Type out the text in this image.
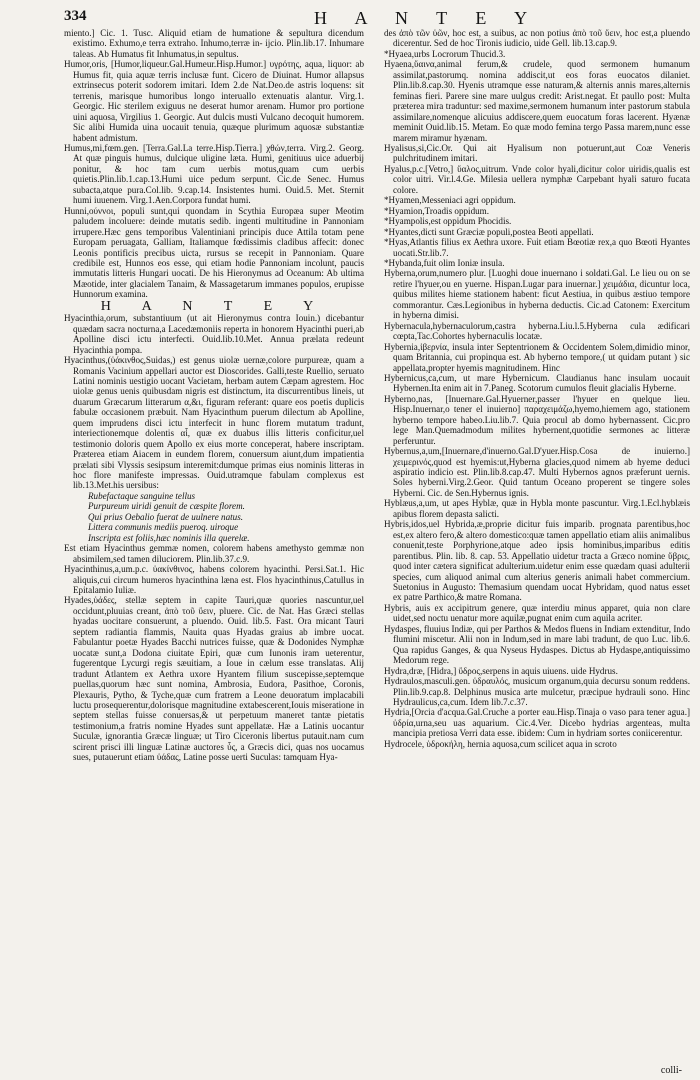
334	H A N T E Y
miento.] Cic. 1. Tusc. Aliquid etiam de humatione & sepultura dicendum existimo. Exhumo,e terra extraho. Inhumo,terræ in- ijcio. Plin.lib.17. Inhumare taleas. Ab Humatus fit Inhumatus,in sepultus.
Humor,oris, [Humor,liqueur.Gal.Humeur.Hisp.Humor.] υγρότης, aqua, liquor: ab Humus fit, quia aquæ terris inclusæ funt. Cicero de Diuinat. Humor allapsus extrinsecus poterit sodorem imitari. Idem 2.de Nat.Deo.de astris loquens: sit terrenis, marisque humoribus longo interuallo extenuatis alantur. Virg.1. Georgic. Hic sterilem exiguus ne deserat humor arenam. Humor pro portione uini aquosa, Virgilius 1. Georgic. Aut dulcis musti Vulcano decoquit humorem. Sic alibi Humida uina uocauit tenuia, quæque plurimum aquosæ substantiæ habent admistum.
Humus,mi,fœm.gen. [Terra.Gal.La terre.Hisp.Tierra.] χθών,terra. Virg.2. Georg. At quæ pinguis humus, dulcique uligine læta. Humi, genitiuus uice aduerbij ponitur, & hoc tam cum uerbis motus,quam cum uerbis quietis.Plin.lib.1.cap.13.Humi uice pedum serpunt. Cic.de Senec. Humus subacta,atque pura.Col.lib. 9.cap.14. Insistentes humi. Ouid.5. Met. Sternit humi iuuenem. Virg.1.Aen.Corpora fundat humi.
Hunni,ούννοι, populi sunt,qui quondam in Scythia Europæa super Meotim paludem incoluere: deinde mutatis sedib. ingenti multitudine in Pannoniam irrupere.Hæc gens temporibus Valentiniani principis duce Attila totam pene Europam peruagata, Galliam, Italiamque fœdissimis cladibus affecit: donec Leonis pontificis precibus uicta, rursus se recepit in Pannoniam. Quare credibile est, Hunnos eos esse, qui etiam hodie Pannoniam incolunt, paucis immutatis litteris Hungari uocati. De his Hieronymus ad Oceanum: Ab ultima Mæotide, inter glacialem Tanaim, & Massagetarum immanes populos, erupisse Hunnorum examina.
H A N T E Y
Hyacinthia,orum, substantiuum (ut ait Hieronymus contra Iouin.) dicebantur quædam sacra nocturna,a Lacedæmoniis reperta in honorem Hyacinthi pueri,ab Apolline disci ictu interfecti. Ouid.lib.10.Met. Annua prælata redeunt Hyacinthia pompa.
Hyacinthus,(ὑάκινθος,Suidas,) est genus uiolæ uernæ,colore purpureæ, quam a Romanis Vacinium appellari auctor est Dioscorides. Galli,teste Ruellio, seruato Latini nominis uestigio uocant Vacietam, herbam autem Cæpam agrestem. Hoc uiolæ genus uenis quibusdam nigris est distinctum, ita discurrentibus lineis, ut duarum Græcarum litterarum α,&ι, figuram referant: quare eos poetis duplicis fabulæ occasionem præbuit. Nam Hyacinthum puerum dilectum ab Apolline, quem imprudens disci ictu interfecit in hunc florem mutatum tradunt, interiectionemque dolentis αἶ, quæ ex duabus illis litteris conficitur,uel testimonio doloris quem Apollo ex eius morte conceperat, habere inscriptam. Præterea etiam Aiacem in eundem florem, conuersum aiunt,dum impatientia prælati sibi Vlyssis sesipsum interemit:dumque primas eius nominis litteras in hoc flore manifeste impressas. Ouid.utramque fabulam complexus est lib.13.Met.his uersibus:
Rubefactaque sanguine tellus
Purpureum uiridi genuit de cæspite florem.
Qui prius Oebalio fuerat de uulnere natus.
Littera communis mediis pueroq. uiroque
Inscripta est foliis,hæc nominis illa querelæ.
Est etiam Hyacinthus gemmæ nomen, colorem habens amethysto gemmæ non absimilem,sed tamen diluciorem. Plin.lib.37.c.9.
Hyacinthinus,a,um.p.c. ὑακίνθινος, habens colorem hyacinthi. Persi.Sat.1. Hic aliquis,cui circum humeros hyacinthina læna est. Flos hyacinthinus,Catullus in Epitalamio Iuliæ.
Hyades,ὑάδες, stellæ septem in capite Tauri,quæ quories nascuntur,uel occidunt,pluuias creant, ἀπὸ τοῦ ὕειν, pluere. Cic. de Nat. Has Græci stellas hyadas uocitare consuerunt, a pluendo. Ouid. lib.5. Fast. Ora micant Tauri septem radiantia flammis, Nauita quas Hyadas graius ab imbre uocat. Fabulantur poetæ Hyades Bacchi nutrices fuisse, quæ & Dodonides Nymphæ uocatæ sunt,a Dodona ciuitate Epiri, quæ cum Iunonis iram ueterentur, fugerentque Lycurgi regis sæuitiam, a Ioue in cælum esse translatas. Alij tradunt Atlantem ex Aethra uxore Hyantem filium suscepisse,septemque puellas,quorum hæc sunt nomina, Ambrosia, Eudora, Pasithoe, Coronis, Plexauris, Pytho, & Tyche,quæ cum fratrem a Leone deuoratum implacabili luctu prosequerentur,dolorisque magnitudine extabescerent,Iouis miseratione in septem stellas fuisse conuersas,& ut perpetuum maneret tantæ pietatis testimonium,a fratris nomine Hyades sunt appellatæ. Hæ a Latinis uocantur Suculæ, ignorantia Græcæ linguæ; ut Tiro Ciceronis libertus putauit.nam cum scirent prisci illi linguæ Latinæ auctores ὗς, a Græcis dici, quas nos uocamus sues, putauerunt etiam ὑάδας, Latine posse uerti Suculas: tamquam Hya-
des ἀπὸ τῶν ὑῶν, hoc est, a suibus, ac non potius ἀπὸ τοῦ ὕειν, hoc est,a pluendo dicerentur. Sed de hoc Tironis iudicio, uide Gell. lib.13.cap.9.
*Hyaea,urbs Locrorum Thucid.3.
Hyaena,ὕαινα,animal ferum,& crudele, quod sermonem humanum assimilat,pastorumq. nomina addiscit,ut eos foras euocatos dilaniet. Plin.lib.8.cap.30. Hyenis utramque esse naturam,& alternis annis mares,alternis feminas fieri. Parere sine mare uulgus credit: Arist.negat. Et paullo post: Multa præterea mira traduntur: sed maxime,sermonem humanum inter pastorum stabula assimilare,nomenque alicuius addiscere,quem euocatum foras lacerent. Hyænæ meminit Ouid.lib.15. Metam. Eo quæ modo femina tergo Passa marem,nunc esse marem miramur hyænam.
Hyalisus,si,Cic.Or. Qui ait Hyalisum non potuerunt,aut Coæ Veneris pulchritudinem imitari.
Hyalus,p.c.[Vetro,] ὕαλος,uitrum. Vnde color hyali,dicitur color uiridis,qualis est color uitri. Vir.l.4.Ge. Milesia uellera nymphæ Carpebant hyali saturo fucata colore.
*Hyamen,Messeniaci agri oppidum.
*Hyamion,Troadis oppidum.
*Hyampolis,est oppidum Phocidis.
*Hyantes,dicti sunt Græciæ populi,postea Beoti appellati.
*Hyas,Atlantis filius ex Aethra uxore. Fuit etiam Bœotiæ rex,a quo Bœoti Hyantes uocati.Str.lib.7.
*Hybanda,fuit olim Ioniæ insula.
Hyberna,orum,numero plur. [Luoghi doue inuernano i soldati.Gal. Le lieu ou on se retire l'hyuer,ou en yuerne. Hispan.Lugar para inuernar.] χειμάδια, dicuntur loca, quibus milites hieme stationem habent: ficut Aestiua, in quibus æstiuo tempore commorantur. Cæs.Legionibus in hyberna deductis. Cic.ad Catonem: Exercitum in hyberna dimisi.
Hybernacula,hybernaculorum,castra hyberna.Liu.l.5.Hyberna cula ædificari cœpta,Tac.Cohortes hybernaculis locatæ.
Hybernia,ἱβερνία, insula inter Septentrionem & Occidentem Solem,dimidio minor, quam Britannia, cui propinqua est. Ab hyberno tempore,( ut quidam putant ) sic appellata,propter hyemis magnitudinem. Hinc
Hybernicus,ca,cum, ut mare Hybernicum. Claudianus hanc insulam uocauit Hybernen.Ita enim ait in 7.Paneg. Scotorum cumulos fleuit glacialis Hyberne.
Hyberno,nas, [Inuernare.Gal.Hyuerner,passer l'hyuer en quelque lieu. Hisp.Inuernar,o tener el inuierno] παραχειμάζω,hyemo,hiemem ago, stationem hyberno tempore habeo.Liu.lib.7. Quia procul ab domo hybernassent. Cic.pro lege Man.Quemadmodum milites hybernent,quotidie sermones ac litteræ perferuntur.
Hybernus,a,um,[Inuernare,d'inuerno.Gal.D'yuer.Hisp.Cosa de inuierno.] χειμερινός,quod est hyemis:ut,Hyberna glacies,quod nimem ab hyeme deduci aspiratio indicio est. Plin.lib.8.cap.47. Multi Hybernos agnos præferunt uernis. Soles hyberni.Virg.2.Geor. Quid tantum Oceano properent se tingere soles Hyberni. Cic. de Sen.Hybernus ignis.
Hyblæus,a,um, ut apes Hyblæ, quæ in Hybla monte pascuntur. Virg.1.Ecl.hyblæis apibus florem depasta salicti.
Hybris,idos,uel Hybrida,æ,proprie dicitur fuis imparib. prognata parentibus,hoc est,ex altero fero,& altero domestico:quæ tamen appellatio etiam aliis animalibus conuenit,teste Porphyrione,atque adeo ipsis hominibus,imparibus editis parentibus. Plin. lib. 8. cap. 53. Appellatio uidetur tracta a Græco nomine ὕβρις, quod inter cætera significat adulterium.uidetur enim esse quædam quasi adulterii species, cum aliquod animal cum alterius generis animali habet commercium. Suetonius in Augusto: Themasium quendam uocat Hybridam, quod natus esset ex patre Parthico,& matre Romana.
Hybris, auis ex accipitrum genere, quæ interdiu minus apparet, quia non clare uidet,sed noctu uenatur more aquilæ,pugnat enim cum aquila acriter.
Hydaspes, fluuius Indiæ, qui per Parthos & Medos fluens in Indiam extenditur, Indo flumini miscetur. Alii non in Indum,sed in mare labi tradunt, de quo Luc. lib.6. Qua rapidus Ganges, & qua Nyseus Hydaspes. Dictus ab Hydaspe,antiquissimo Medorum rege.
Hydra,dræ, [Hidra,] ὕδρος,serpens in aquis uiuens. uide Hydrus.
Hydraulos,masculi.gen. ὑδραυλός, musicum organum,quia decursu sonum reddens. Plin.lib.9.cap.8. Delphinus musica arte mulcetur, præcipue hydrauli sono. Hinc Hydraulicus,ca,cum. Idem lib.7.c.37.
Hydria,[Orcia d'acqua.Gal.Cruche a porter eau.Hisp.Tinaja o vaso para tener agua.] ὑδρία,urna,seu uas aquarium. Cic.4.Ver. Dicebo hydrias argenteas, multa mancipia pretiosa Verri data esse. ibidem: Cum in hydriam sortes coniicerentur.
Hydrocele, ὑδροκήλη, hernia aquosa,cum scilicet aqua in scroto
colli-
